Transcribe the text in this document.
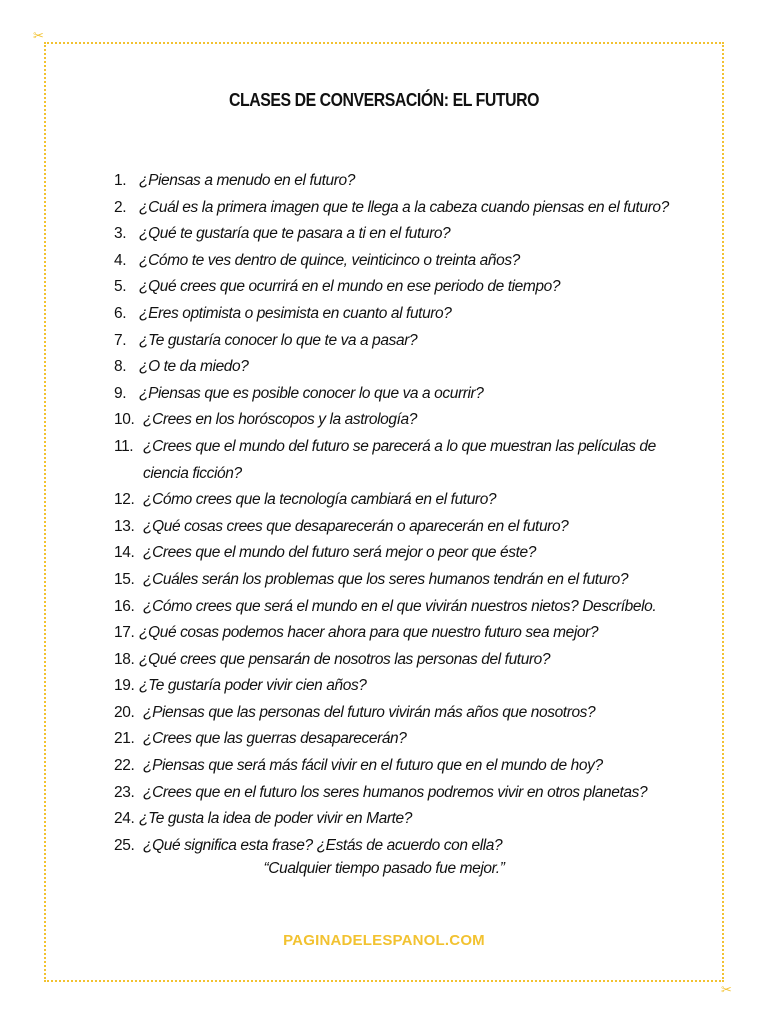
✂
✂
CLASES DE CONVERSACIÓN: EL FUTURO
1. ¿Piensas a menudo en el futuro?
2. ¿Cuál es la primera imagen que te llega a la cabeza cuando piensas en el futuro?
3. ¿Qué te gustaría que te pasara a ti en el futuro?
4. ¿Cómo te ves dentro de quince, veinticinco o treinta años?
5. ¿Qué crees que ocurrirá en el mundo en ese periodo de tiempo?
6. ¿Eres optimista o pesimista en cuanto al futuro?
7. ¿Te gustaría conocer lo que te va a pasar?
8. ¿O te da miedo?
9. ¿Piensas que es posible conocer lo que va a ocurrir?
10. ¿Crees en los horóscopos y la astrología?
11. ¿Crees que el mundo del futuro se parecerá a lo que muestran las películas de ciencia ficción?
12. ¿Cómo crees que la tecnología cambiará en el futuro?
13. ¿Qué cosas crees que desaparecerán o aparecerán en el futuro?
14. ¿Crees que el mundo del futuro será mejor o peor que éste?
15. ¿Cuáles serán los problemas que los seres humanos tendrán en el futuro?
16. ¿Cómo crees que será el mundo en el que vivirán nuestros nietos? Descríbelo.
17. ¿Qué cosas podemos hacer ahora para que nuestro futuro sea mejor?
18. ¿Qué crees que pensarán de nosotros las personas del futuro?
19. ¿Te gustaría poder vivir cien años?
20. ¿Piensas que las personas del futuro vivirán más años que nosotros?
21. ¿Crees que las guerras desaparecerán?
22. ¿Piensas que será más fácil vivir en el futuro que en el mundo de hoy?
23. ¿Crees que en el futuro los seres humanos podremos vivir en otros planetas?
24. ¿Te gusta la idea de poder vivir en Marte?
25. ¿Qué significa esta frase? ¿Estás de acuerdo con ella?
“Cualquier tiempo pasado fue mejor.”
PAGINADELESPANOL.COM
